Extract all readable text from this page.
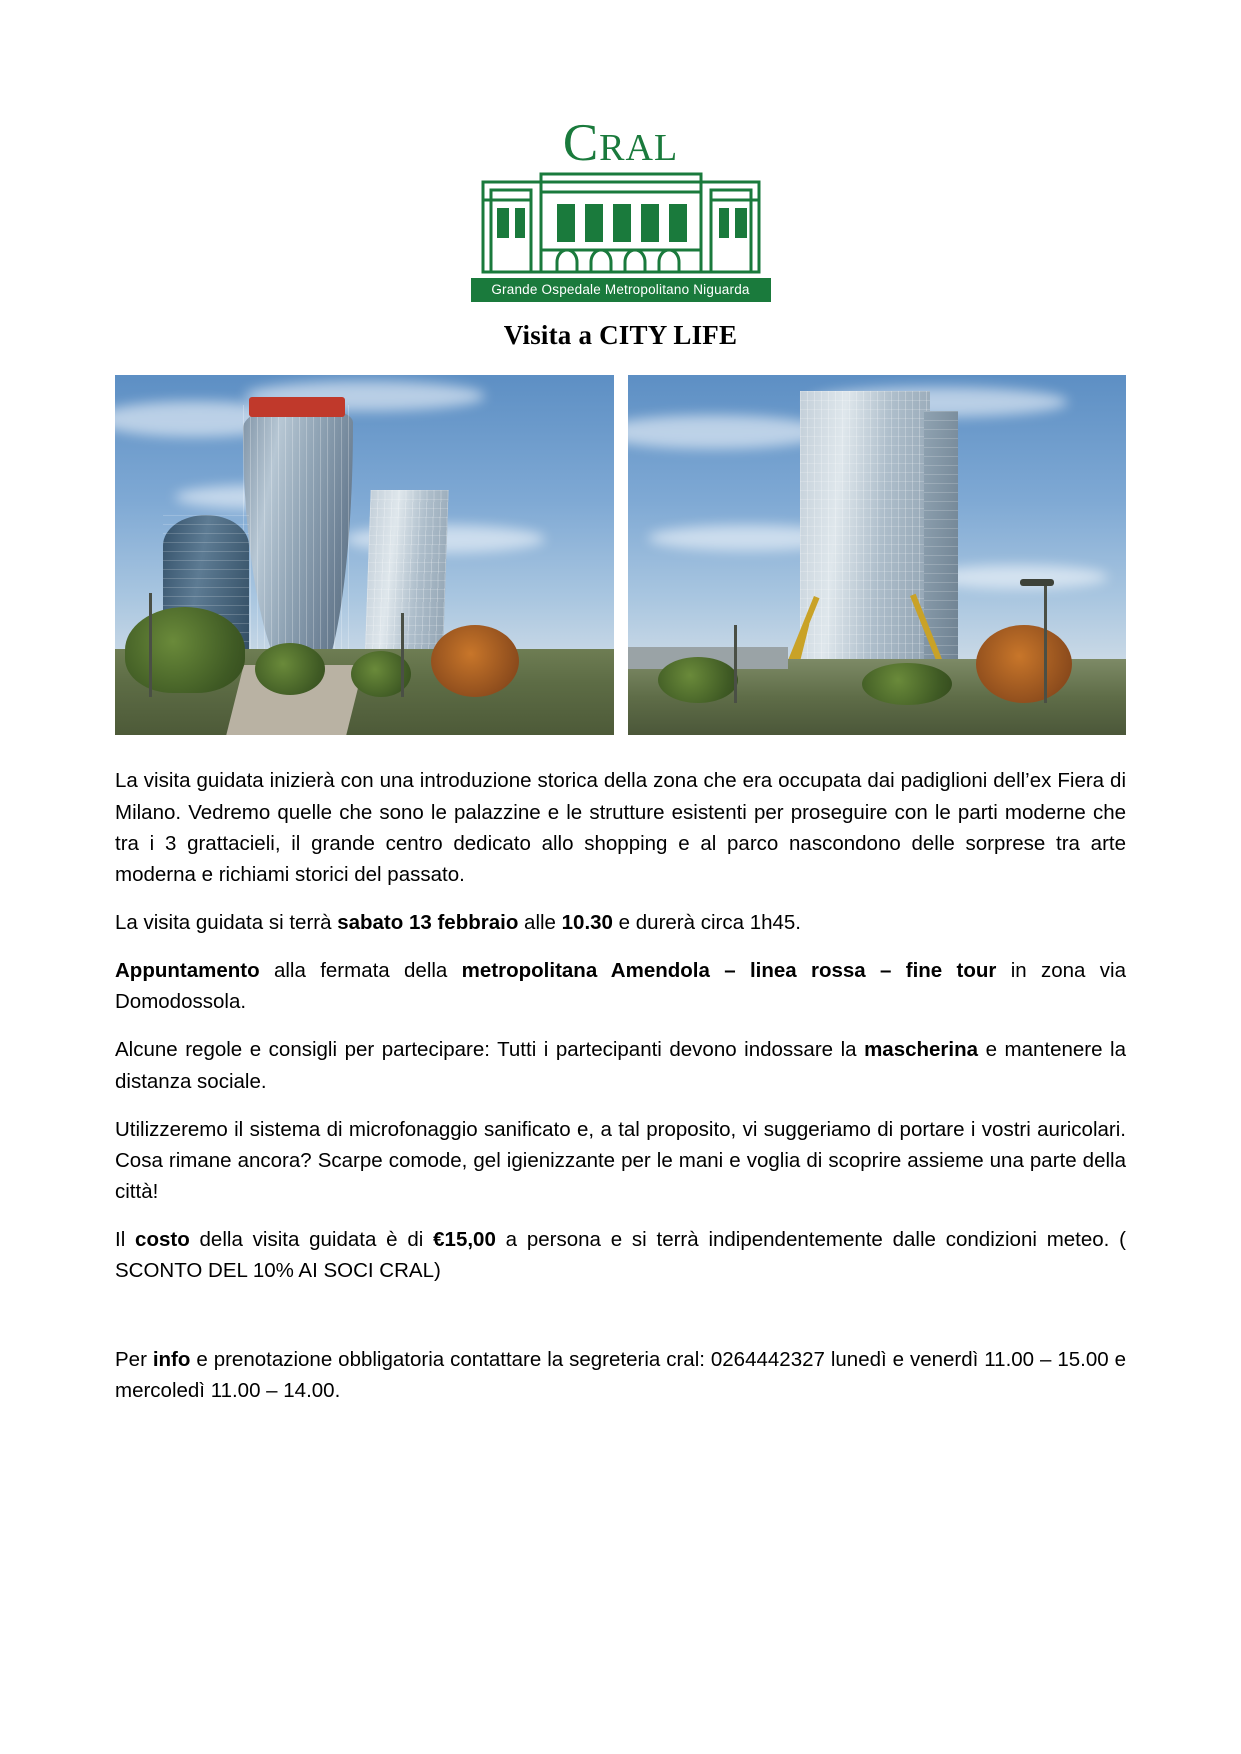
CRAL
Grande Ospedale Metropolitano Niguarda
Visita a CITY LIFE

La visita guidata inizierà con una introduzione storica della zona che era occupata dai padiglioni dell’ex Fiera di Milano. Vedremo quelle che sono le palazzine e le strutture esistenti per proseguire con le parti moderne che tra i 3 grattacieli, il grande centro dedicato allo shopping e al parco nascondono delle sorprese tra arte moderna e richiami storici del passato.

La visita guidata si terrà sabato 13 febbraio alle 10.30 e durerà circa 1h45.

Appuntamento alla fermata della metropolitana Amendola – linea rossa – fine tour in zona via Domodossola.

Alcune regole e consigli per partecipare: Tutti i partecipanti devono indossare la mascherina e mantenere la distanza sociale.

Utilizzeremo il sistema di microfonaggio sanificato e, a tal proposito, vi suggeriamo di portare i vostri auricolari. Cosa rimane ancora? Scarpe comode, gel igienizzante per le mani e voglia di scoprire assieme una parte della città!

Il costo della visita guidata è di €15,00 a persona e si terrà indipendentemente dalle condizioni meteo. ( SCONTO DEL 10% AI SOCI CRAL)

Per info e prenotazione obbligatoria contattare la segreteria cral: 0264442327 lunedì e venerdì 11.00 – 15.00 e mercoledì 11.00 – 14.00.
